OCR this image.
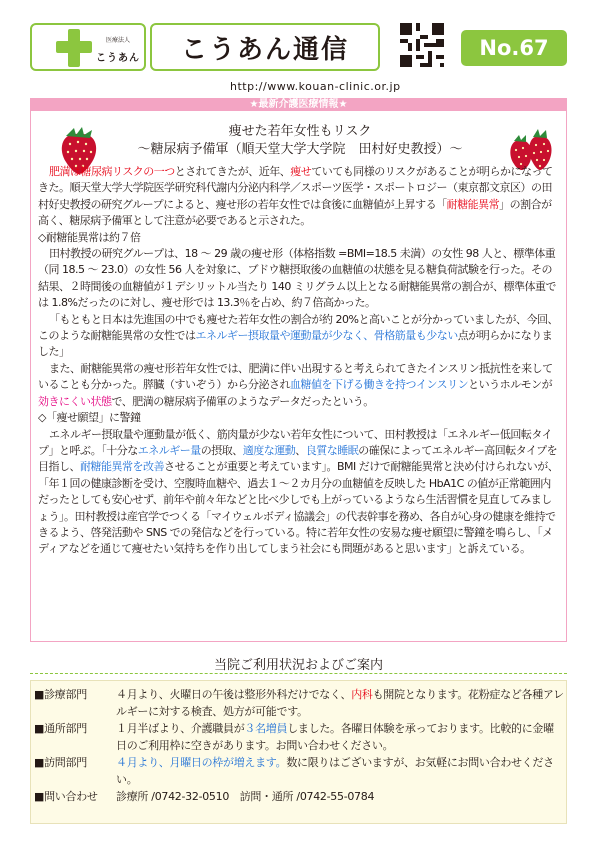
医療法人
こうあん こうあん通信	No.67
http://www.kouan-clinic.or.jp
★最新介護医療情報★
痩せた若年女性もリスク
～糖尿病予備軍（順天堂大学大学院　田村好史教授）～

肥満は糖尿病リスクの一つとされてきたが、近年、痩せていても同様のリスクがあることが明らかになってきた。順天堂大学大学院医学研究科代謝内分泌内科学／スポーツ医学・スポートロジー（東京都文京区）の田村好史教授の研究グループによると、痩せ形の若年女性では食後に血糖値が上昇する「耐糖能異常」の割合が高く、糖尿病予備軍として注意が必要であると示された。

◇耐糖能異常は約７倍

田村教授の研究グループは、18 ～ 29 歳の痩せ形（体格指数 =BMI=18.5 未満）の女性 98 人と、標準体重（同 18.5 ～ 23.0）の女性 56 人を対象に、ブドウ糖摂取後の血糖値の状態を見る糖負荷試験を行った。その結果、２時間後の血糖値が１デシリットル当たり 140 ミリグラム以上となる耐糖能異常の割合が、標準体重では 1.8%だったのに対し、痩せ形では 13.3％を占め、約７倍高かった。

「もともと日本は先進国の中でも痩せた若年女性の割合が約 20%と高いことが分かっていましたが、今回、このような耐糖能異常の女性ではエネルギー摂取量や運動量が少なく、骨格筋量も少ない点が明らかになりました」

また、耐糖能異常の痩せ形若年女性では、肥満に伴い出現すると考えられてきたインスリン抵抗性を来していることも分かった。膵臓（すいぞう）から分泌され血糖値を下げる働きを持つインスリンというホルモンが効きにくい状態で、肥満の糖尿病予備軍のようなデータだったという。

◇「痩せ願望」に警鐘

エネルギー摂取量や運動量が低く、筋肉量が少ない若年女性について、田村教授は「エネルギー低回転タイプ」と呼ぶ。「十分なエネルギー量の摂取、適度な運動、良質な睡眠の確保によってエネルギー高回転タイプを目指し、耐糖能異常を改善させることが重要と考えています」。BMI だけで耐糖能異常と決め付けられないが、「年１回の健康診断を受け、空腹時血糖や、過去１～２カ月分の血糖値を反映した HbA1C の値が正常範囲内だったとしても安心せず、前年や前々年などと比べ少しでも上がっているようなら生活習慣を見直してみましょう」。田村教授は産官学でつくる「マイウェルボディ協議会」の代表幹事を務め、各自が心身の健康を維持できるよう、啓発活動や SNS での発信などを行っている。特に若年女性の安易な痩せ願望に警鐘を鳴らし、「メディアなどを通じて痩せたい気持ちを作り出してしまう社会にも問題があると思います」と訴えている。

当院ご利用状況およびご案内
■診療部門	４月より、火曜日の午後は整形外科だけでなく、内科も開院となります。花粉症など各種アレルギーに対する検査、処方が可能です。
■通所部門	１月半ばより、介護職員が３名増員しました。各曜日体験を承っております。比較的に金曜日のご利用枠に空きがあります。お問い合わせください。
■訪問部門	４月より、月曜日の枠が増えます。数に限りはございますが、お気軽にお問い合わせください。
■問い合わせ	診療所 /0742-32-0510　訪問・通所 /0742-55-0784
